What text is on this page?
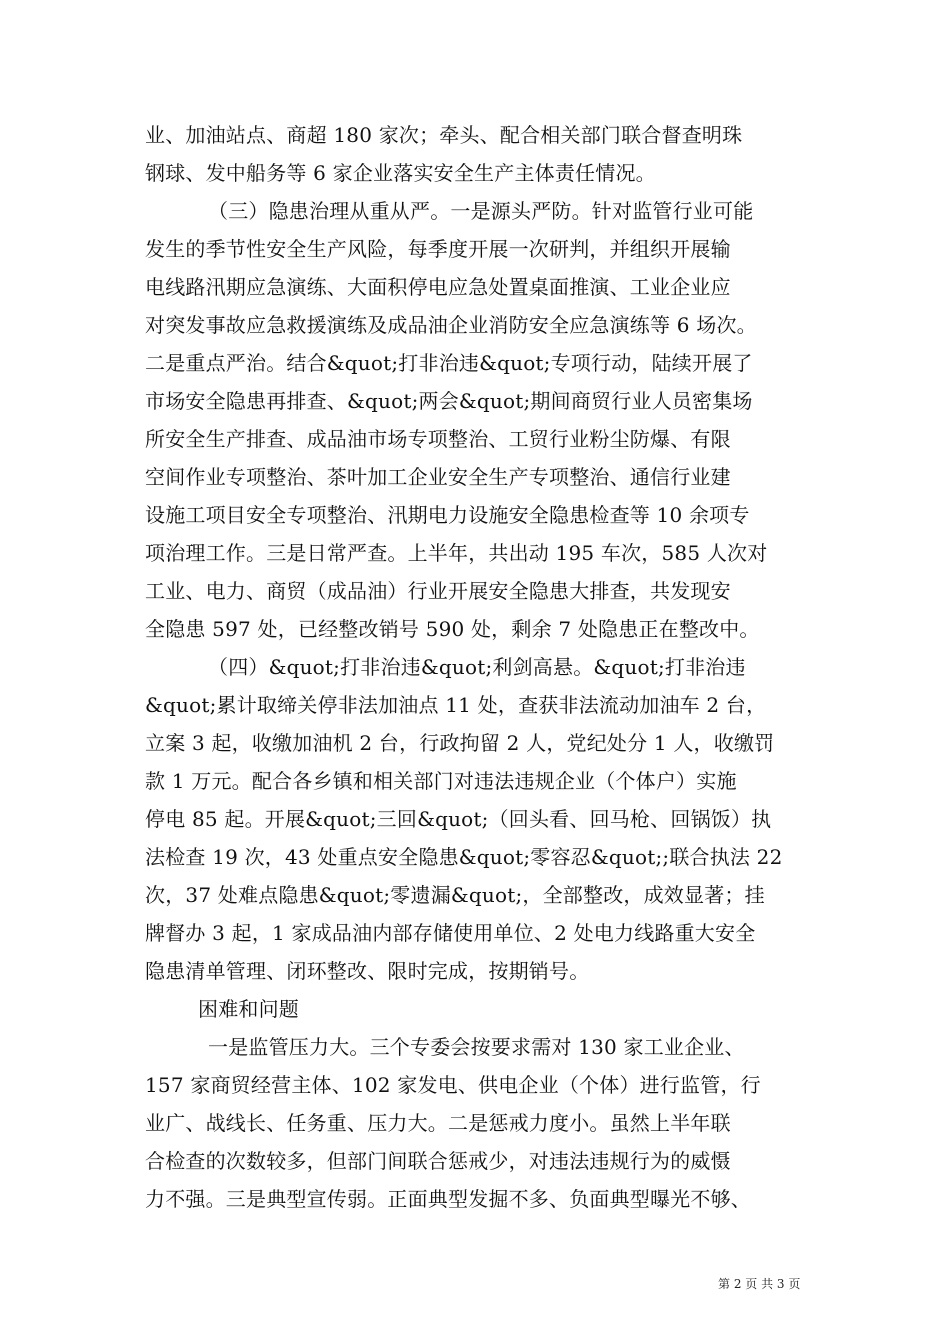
业、加油站点、商超 180 家次；牵头、配合相关部门联合督查明珠
钢球、发中船务等 6 家企业落实安全生产主体责任情况。
（三）隐患治理从重从严。一是源头严防。针对监管行业可能
发生的季节性安全生产风险，每季度开展一次研判，并组织开展输
电线路汛期应急演练、大面积停电应急处置桌面推演、工业企业应
对突发事故应急救援演练及成品油企业消防安全应急演练等 6 场次。
二是重点严治。结合&quot;打非治违&quot;专项行动，陆续开展了
市场安全隐患再排查、&quot;两会&quot;期间商贸行业人员密集场
所安全生产排查、成品油市场专项整治、工贸行业粉尘防爆、有限
空间作业专项整治、茶叶加工企业安全生产专项整治、通信行业建
设施工项目安全专项整治、汛期电力设施安全隐患检查等 10 余项专
项治理工作。三是日常严查。上半年，共出动 195 车次，585 人次对
工业、电力、商贸（成品油）行业开展安全隐患大排查，共发现安
全隐患 597 处，已经整改销号 590 处，剩余 7 处隐患正在整改中。
（四）&quot;打非治违&quot;利剑高悬。&quot;打非治违
&quot;累计取缔关停非法加油点 11 处，查获非法流动加油车 2 台，
立案 3 起，收缴加油机 2 台，行政拘留 2 人，党纪处分 1 人，收缴罚
款 1 万元。配合各乡镇和相关部门对违法违规企业（个体户）实施
停电 85 起。开展&quot;三回&quot;（回头看、回马枪、回锅饭）执
法检查 19 次，43 处重点安全隐患&quot;零容忍&quot;;联合执法 22
次，37 处难点隐患&quot;零遗漏&quot;，全部整改，成效显著；挂
牌督办 3 起，1 家成品油内部存储使用单位、2 处电力线路重大安全
隐患清单管理、闭环整改、限时完成，按期销号。
困难和问题
一是监管压力大。三个专委会按要求需对 130 家工业企业、
157 家商贸经营主体、102 家发电、供电企业（个体）进行监管，行
业广、战线长、任务重、压力大。二是惩戒力度小。虽然上半年联
合检查的次数较多，但部门间联合惩戒少，对违法违规行为的威慑
力不强。三是典型宣传弱。正面典型发掘不多、负面典型曝光不够、
第 2 页 共 3 页
